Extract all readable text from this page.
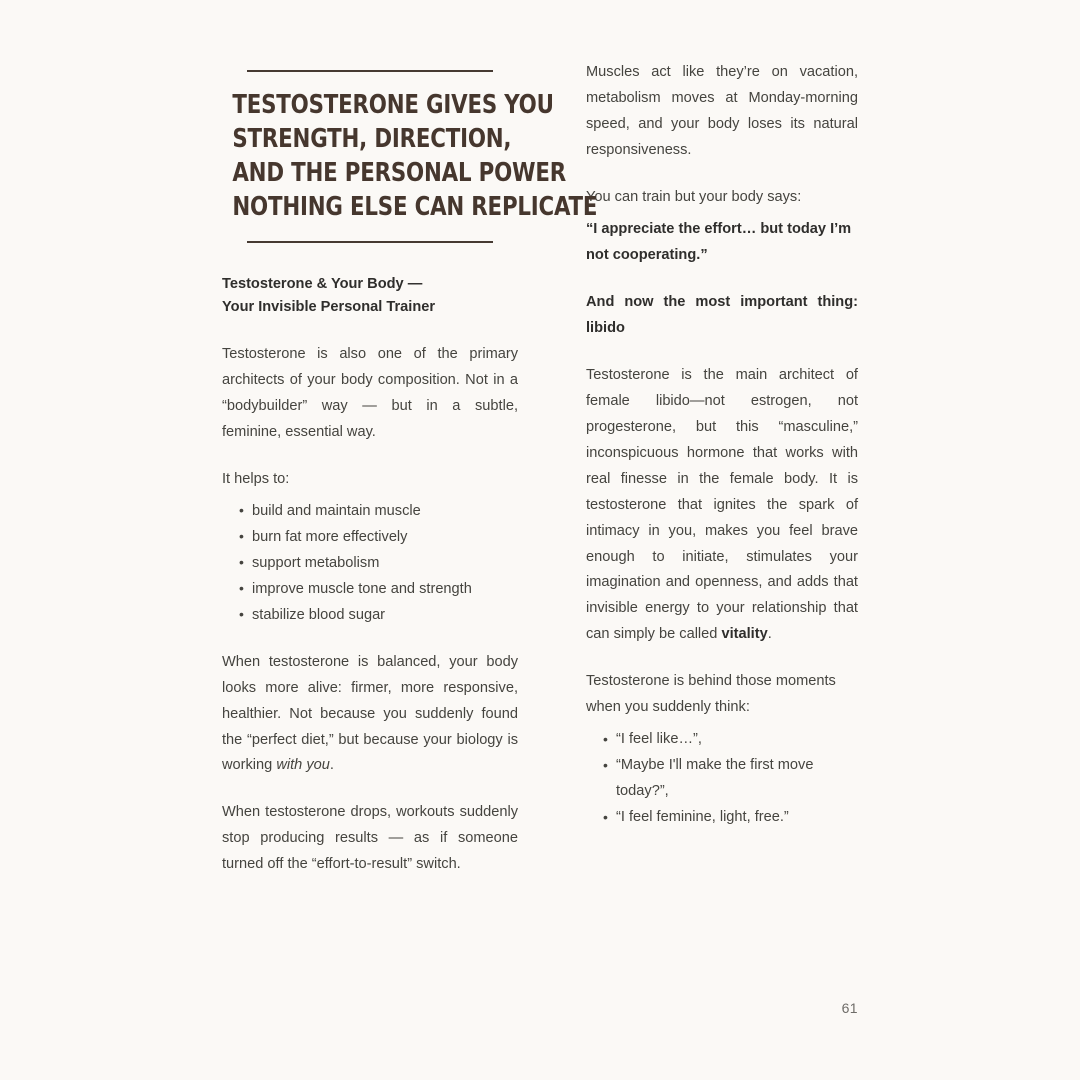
TESTOSTERONE GIVES YOU
STRENGTH, DIRECTION,
AND THE PERSONAL POWER
NOTHING ELSE CAN REPLICATE
Testosterone & Your Body —
Your Invisible Personal Trainer

Testosterone is also one of the primary architects of your body composition. Not in a “bodybuilder” way — but in a subtle, feminine, essential way.

It helps to:

• build and maintain muscle
• burn fat more effectively
• support metabolism
• improve muscle tone and strength
• stabilize blood sugar

When testosterone is balanced, your body looks more alive: firmer, more responsive, healthier. Not because you suddenly found the “perfect diet,” but because your biology is working with you.

When testosterone drops, workouts suddenly stop producing results — as if someone turned off the “effort-to-result” switch.

Muscles act like they’re on vacation, metabolism moves at Monday-morning speed, and your body loses its natural responsiveness.

You can train but your body says:

“I appreciate the effort… but today I’m not cooperating.”

And now the most important thing: libido

Testosterone is the main architect of female libido—not estrogen, not progesterone, but this “masculine,” inconspicuous hormone that works with real finesse in the female body. It is testosterone that ignites the spark of intimacy in you, makes you feel brave enough to initiate, stimulates your imagination and openness, and adds that invisible energy to your relationship that can simply be called vitality.

Testosterone is behind those moments when you suddenly think:

• “I feel like…”,
• “Maybe I'll make the first move today?”,
• “I feel feminine, light, free.”
61
